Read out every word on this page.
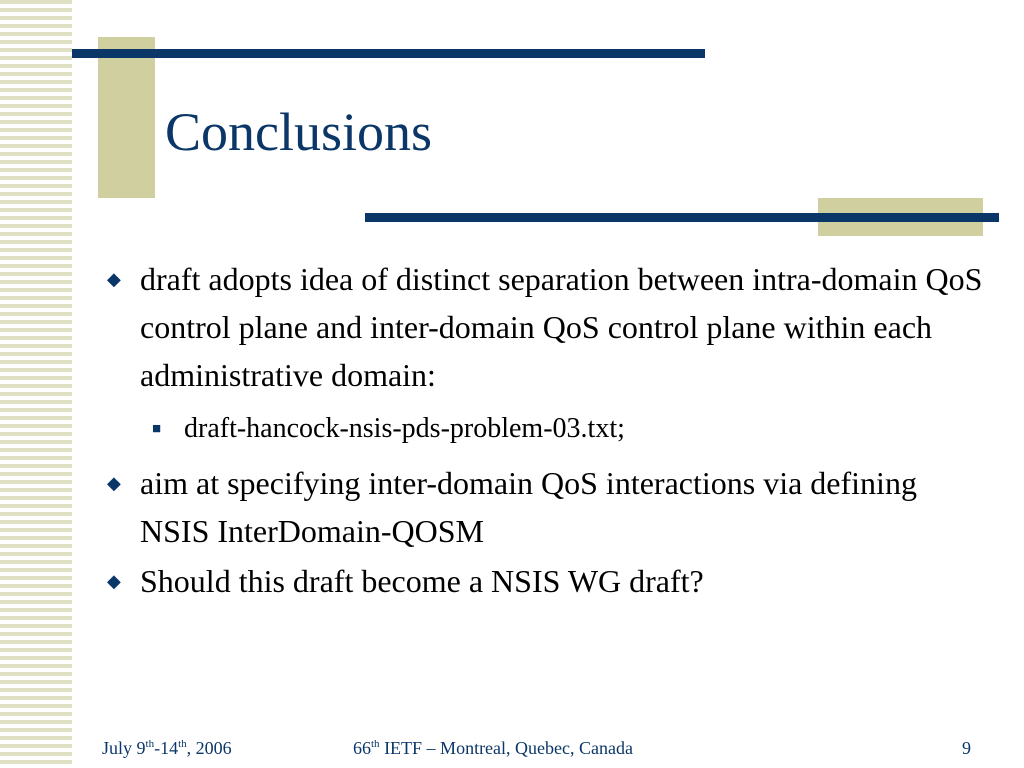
Conclusions
◆ draft adopts idea of distinct separation between intra-domain QoS control plane and inter-domain QoS control plane within each administrative domain:
■ draft-hancock-nsis-pds-problem-03.txt;
◆ aim at specifying inter-domain QoS interactions via defining NSIS InterDomain-QOSM
◆ Should this draft become a NSIS WG draft?
July 9th-14th, 2006	66th IETF – Montreal, Quebec, Canada	9
